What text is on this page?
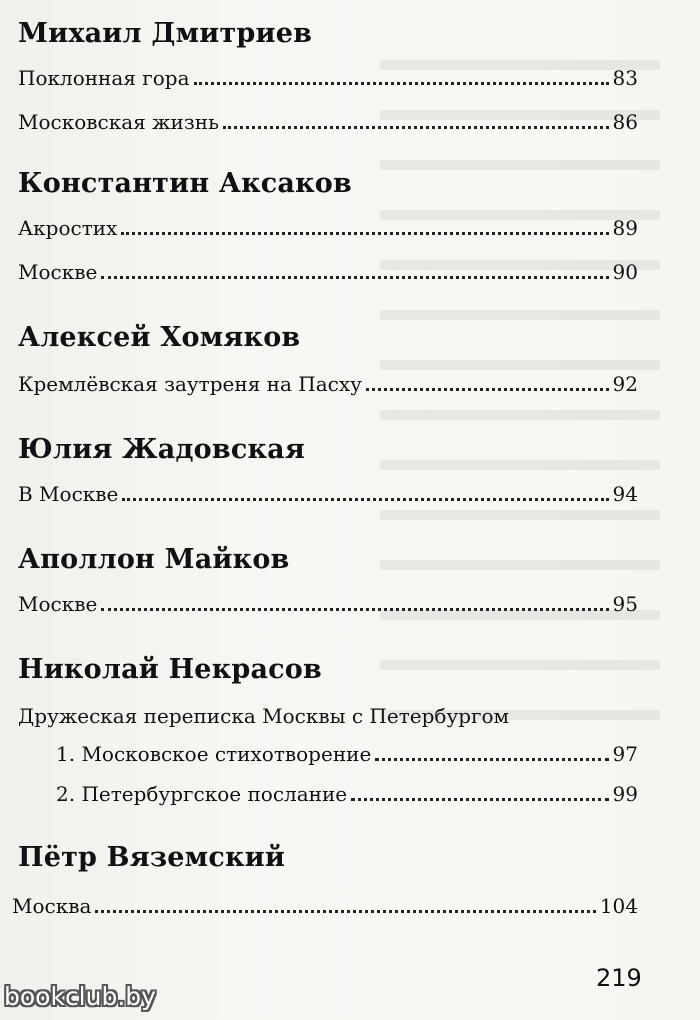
Михаил Дмитриев
Поклонная гора	83
Московская жизнь	86
Константин Аксаков
Акростих	89
Москве	90
Алексей Хомяков
Кремлёвская заутреня на Пасху	92
Юлия Жадовская
В Москве	94
Аполлон Майков
Москве	95
Николай Некрасов
Дружеская переписка Москвы с Петербургом
1. Московское стихотворение	97
2. Петербургское послание	99
Пётр Вяземский
Москва	104
219
bookclub.by
